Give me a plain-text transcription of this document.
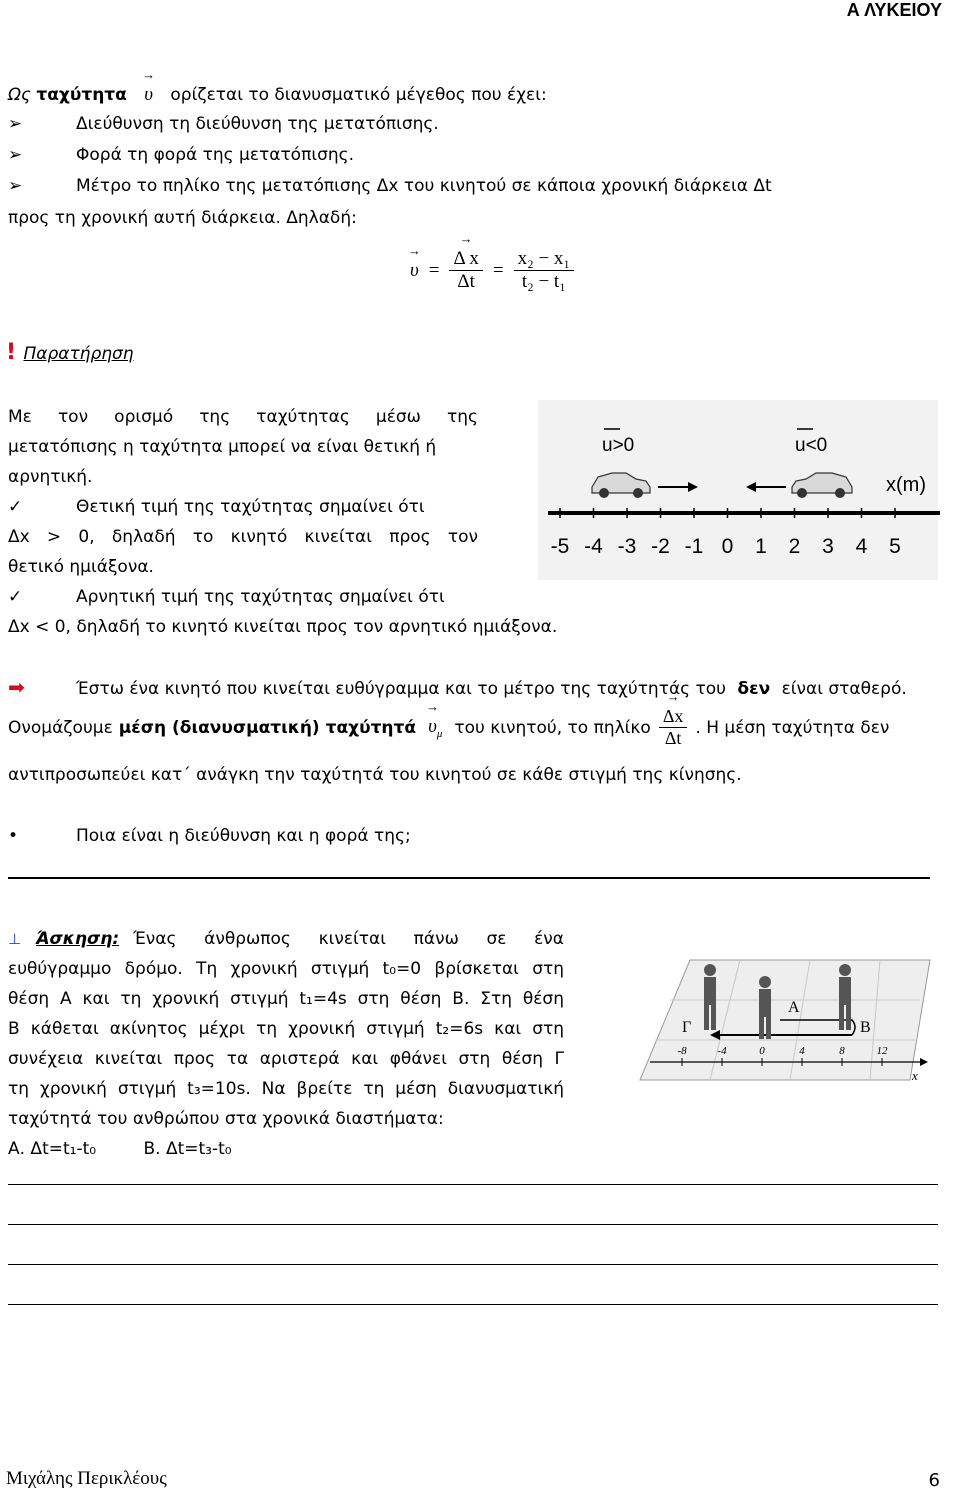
Α ΛΥΚΕΙΟΥ
Ως ταχύτητα → υ ορίζεται το διανυσματικό μέγεθος που έχει:
➢	Διεύθυνση τη διεύθυνση της μετατόπισης.
➢	Φορά τη φορά της μετατόπισης.
➢	Μέτρο το πηλίκο της μετατόπισης Δx του κινητού σε κάποια χρονική διάρκεια Δt
προς τη χρονική αυτή διάρκεια. Δηλαδή:
→ υ =
→ $\frac{\text{Δ x}}{\Delta t} = \frac{\text{x₂ − x₁}}{\text{t₂ − t₁}}$
! Παρατήρηση
Με τον ορισμό της ταχύτητας μέσω της
μετατόπισης η ταχύτητα μπορεί να είναι θετική ή
αρνητική.
✓	Θετική τιμή της ταχύτητας σημαίνει ότι
Δx > 0, δηλαδή το κινητό κινείται προς τον
θετικό ημιάξονα.
✓	Αρνητική τιμή της ταχύτητας σημαίνει ότι
Δx < 0, δηλαδή το κινητό κινείται προς τον αρνητικό ημιάξονα.
u>0	u<0
x(m)
-5 -4 -3 -2 -1 0 1 2 3 4 5
➡	Έστω ένα κινητό που κινείται ευθύγραμμα και το μέτρο της ταχύτητάς του δεν είναι σταθερό.
Ονομάζουμε μέση (διανυσματική) ταχύτητά
→ $\upsilon_\mu$ του κινητού, το πηλίκο
→ $\frac{\Delta x}{\Delta t}$ . Η μέση ταχύτητα δεν
αντιπροσωπεύει κατ΄ ανάγκη την ταχύτητά του κινητού σε κάθε στιγμή της κίνησης.
•	Ποια είναι η διεύθυνση και η φορά της;
⊥ Άσκηση: Ένας άνθρωπος κινείται πάνω σε ένα
ευθύγραμμο δρόμο. Τη χρονική στιγμή t₀=0 βρίσκεται στη
θέση Α και τη χρονική στιγμή t₁=4s στη θέση Β. Στη θέση
Β κάθεται ακίνητος μέχρι τη χρονική στιγμή t₂=6s και στη
συνέχεια κινείται προς τα αριστερά και φθάνει στη θέση Γ
τη χρονική στιγμή t₃=10s. Να βρείτε τη μέση διανυσματική
ταχύτητά του ανθρώπου στα χρονικά διαστήματα:
Α. Δt=t₁-t₀	Β. Δt=t₃-t₀
Α
Β
Γ
x
-8	-4	0	4	8	12
Μιχάλης Περικλέους	6
